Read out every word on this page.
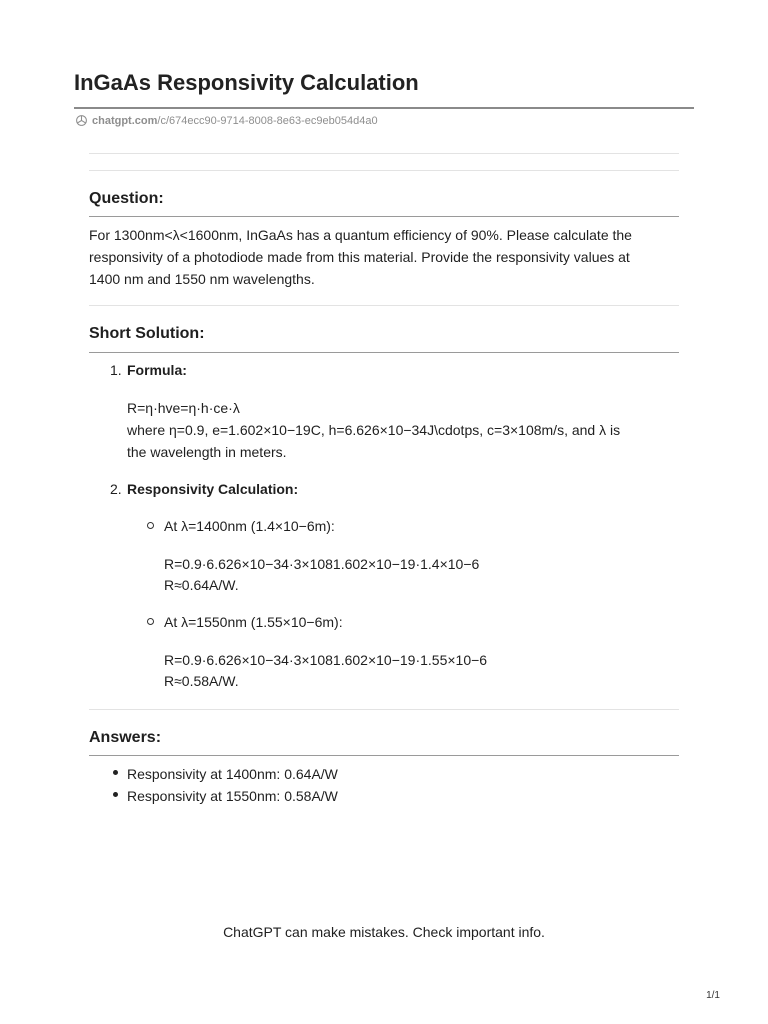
InGaAs Responsivity Calculation
chatgpt.com/c/674ecc90-9714-8008-8e63-ec9eb054d4a0
Question:
For 1300nm<λ<1600nm, InGaAs has a quantum efficiency of 90%. Please calculate the
responsivity of a photodiode made from this material. Provide the responsivity values at
1400 nm and 1550 nm wavelengths.
Short Solution:
1. Formula:
R=η·hve=η·h·ce·λ
where η=0.9, e=1.602×10−19C, h=6.626×10−34J\cdotps, c=3×108m/s, and λ is
the wavelength in meters.
2. Responsivity Calculation:
At λ=1400nm (1.4×10−6m):
R=0.9·6.626×10−34·3×1081.602×10−19·1.4×10−6
R≈0.64A/W.
At λ=1550nm (1.55×10−6m):
R=0.9·6.626×10−34·3×1081.602×10−19·1.55×10−6
R≈0.58A/W.
Answers:
Responsivity at 1400nm: 0.64A/W
Responsivity at 1550nm: 0.58A/W
ChatGPT can make mistakes. Check important info.
1/1
